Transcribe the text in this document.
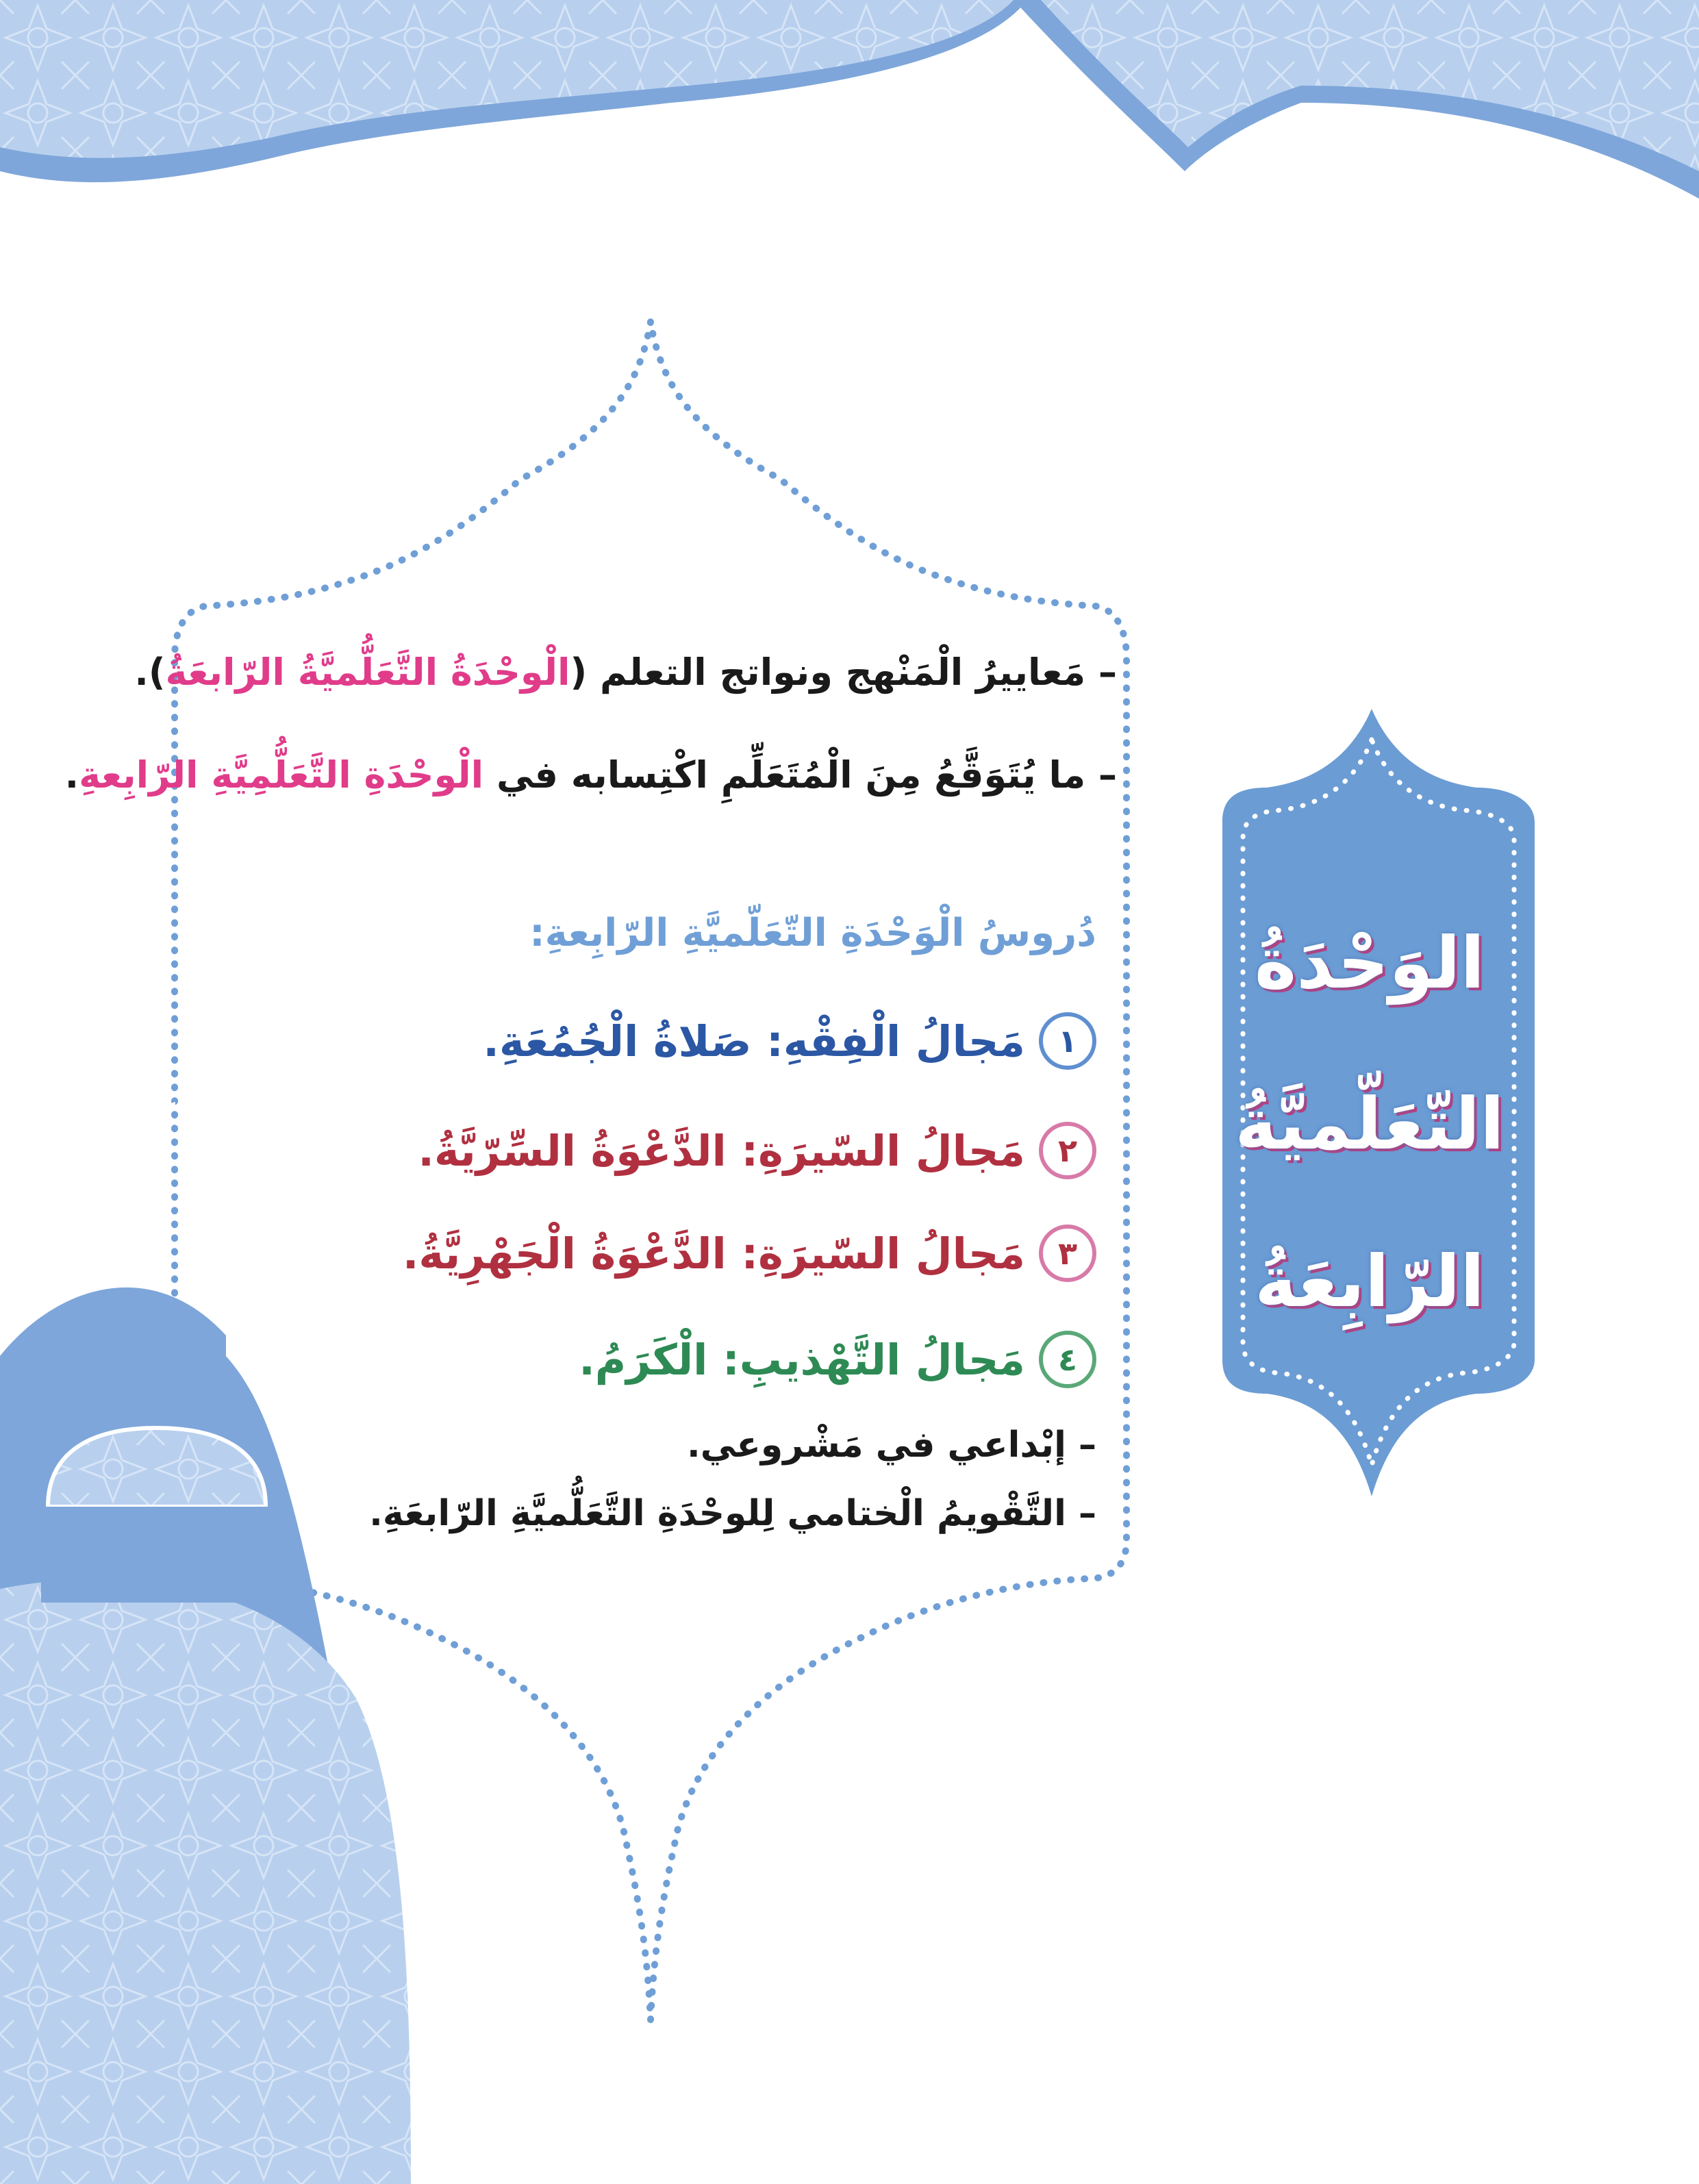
– مَعاييرُ الْمَنْهج ونواتج التعلم (الْوحْدَةُ التَّعَلُّميَّةُ الرّابعَةُ).
– ما يُتَوَقَّعُ مِنَ الْمُتَعَلِّمِ اكْتِسابه في الْوحْدَةِ التَّعَلُّمِيَّةِ الرّابِعةِ.
دُروسُ الْوَحْدَةِ التّعَلّميَّةِ الرّابِعةِ:
١
مَجالُ الْفِقْهِ: صَلاةُ الْجُمُعَةِ.
٢
مَجالُ السّيرَةِ: الدَّعْوَةُ السِّرّيَّةُ.
٣
مَجالُ السّيرَةِ: الدَّعْوَةُ الْجَهْرِيَّةُ.
٤
مَجالُ التَّهْذيبِ: الْكَرَمُ.
– إبْداعي في مَشْروعي.
– التَّقْويمُ الْختامي لِلوحْدَةِ التَّعَلُّميَّةِ الرّابعَةِ.
الوَحْدَةُ
التّعَلّميَّةُ
الرّابِعَةُ
١٤٥
